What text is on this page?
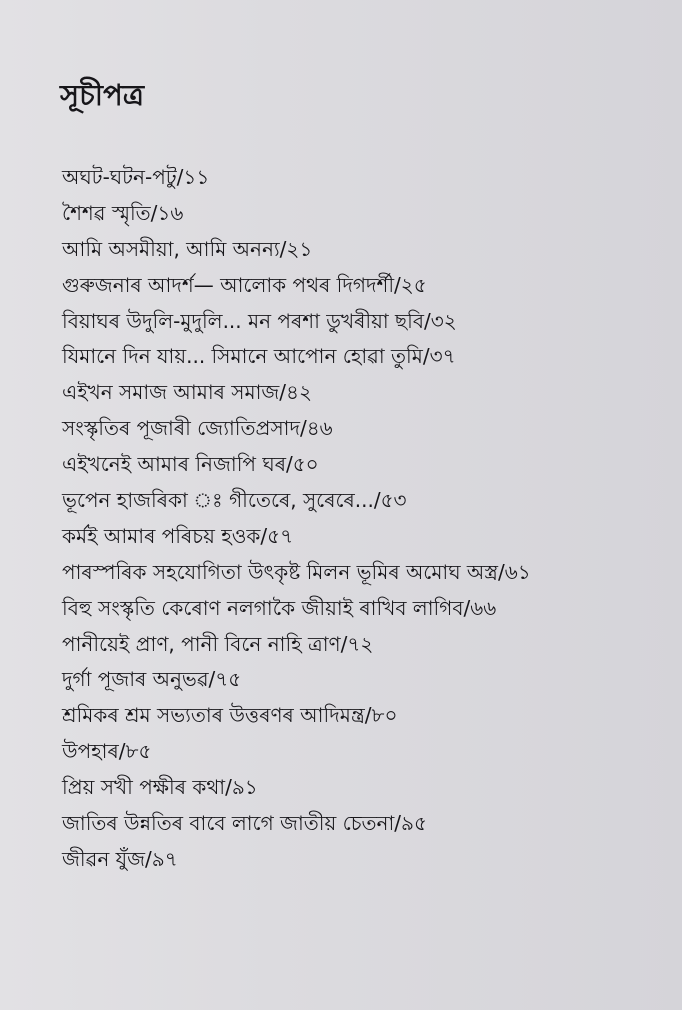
সূচীপত্ৰ
অঘট-ঘটন-পটু/১১
শৈশৱ স্মৃতি/১৬
আমি অসমীয়া, আমি অনন্য/২১
গুৰুজনাৰ আদৰ্শ— আলোক পথৰ দিগদৰ্শী/২৫
বিয়াঘৰ উদুলি-মুদুলি... মন পৰশা ডুখৰীয়া ছবি/৩২
যিমানে দিন যায়... সিমানে আপোন হোৱা তুমি/৩৭
এইখন সমাজ আমাৰ সমাজ/৪২
সংস্কৃতিৰ পূজাৰী জ্যোতিপ্ৰসাদ/৪৬
এইখনেই আমাৰ নিজাপি ঘৰ/৫০
ভূপেন হাজৰিকা ঃ গীতেৰে, সুৰেৰে.../৫৩
কৰ্মই আমাৰ পৰিচয় হওক/৫৭
পাৰস্পৰিক সহযোগিতা উৎকৃষ্ট মিলন ভূমিৰ অমোঘ অস্ত্ৰ/৬১
বিহু সংস্কৃতি কেৰোণ নলগাকৈ জীয়াই ৰাখিব লাগিব/৬৬
পানীয়েই প্ৰাণ, পানী বিনে নাহি ত্ৰাণ/৭২
দুৰ্গা পূজাৰ অনুভৱ/৭৫
শ্ৰমিকৰ শ্ৰম সভ্যতাৰ উত্তৰণৰ আদিমন্ত্ৰ/৮০
উপহাৰ/৮৫
প্ৰিয় সখী পক্ষীৰ কথা/৯১
জাতিৰ উন্নতিৰ বাবে লাগে জাতীয় চেতনা/৯৫
জীৱন যুঁজ/৯৭
